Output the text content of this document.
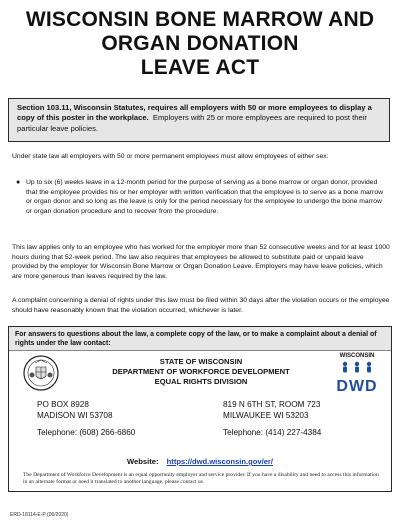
WISCONSIN BONE MARROW AND
ORGAN DONATION
LEAVE ACT
Section 103.11, Wisconsin Statutes, requires all employers with 50 or more employees to display a copy of this poster in the workplace. Employers with 25 or more employees are required to post their particular leave policies.
Under state law all employers with 50 or more permanent employees must allow employees of either sex:
● Up to six (6) weeks leave in a 12-month period for the purpose of serving as a bone marrow or organ donor, provided that the employee provides his or her employer with written verification that the employee is to serve as a bone marrow or organ donor and so long as the leave is only for the period necessary for the employee to undergo the bone marrow or organ donation procedure and to recover from the procedure.
This law applies only to an employee who has worked for the employer more than 52 consecutive weeks and for at least 1000 hours during that 52-week period. The law also requires that employees be allowed to substitute paid or unpaid leave provided by the employer for Wisconsin Bone Marrow or Organ Donation Leave. Employers may have leave policies, which are more generous than leaves required by the law.
A complaint concerning a denial of rights under this law must be filed within 30 days after the violation occurs or the employee should have reasonably known that the violation occurred, whichever is later.
For answers to questions about the law, a complete copy of the law, or to make a complaint about a denial of rights under the law contact:
STATE OF WISCONSIN
DEPARTMENT OF WORKFORCE DEVELOPMENT
EQUAL RIGHTS DIVISION
WISCONSIN
DWD
PO BOX 8928
MADISON WI 53708
Telephone: (608) 266-6860
819 N 6TH ST, ROOM 723
MILWAUKEE WI 53203
Telephone: (414) 227-4384
Website: https://dwd.wisconsin.gov/er/
The Department of Workforce Development is an equal opportunity employer and service provider. If you have a disability and need to access this information in an alternate format or need it translated to another language, please contact us.
ERD-18114-E-P (06/2020)
